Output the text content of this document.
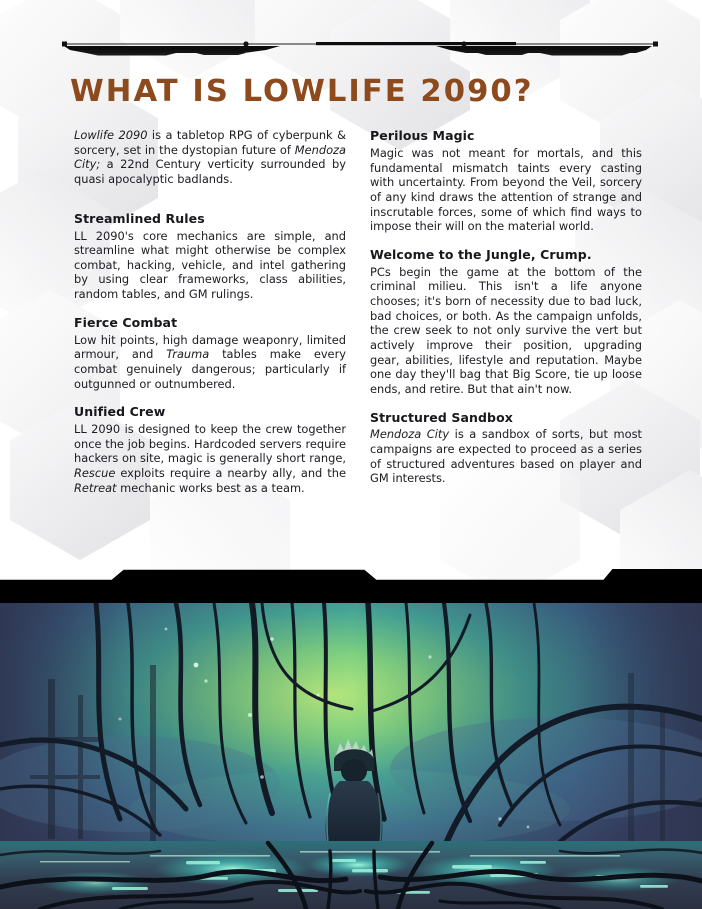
WHAT IS LOWLIFE 2090?

Lowlife 2090 is a tabletop RPG of cyberpunk & sorcery, set in the dystopian future of Mendoza City; a 22nd Century verticity surrounded by quasi apocalyptic badlands.

Streamlined Rules

LL 2090's core mechanics are simple, and streamline what might otherwise be complex combat, hacking, vehicle, and intel gathering by using clear frameworks, class abilities, random tables, and GM rulings.

Fierce Combat

Low hit points, high damage weaponry, limited armour, and Trauma tables make every combat genuinely dangerous; particularly if outgunned or outnumbered.

Unified Crew

LL 2090 is designed to keep the crew together once the job begins. Hardcoded servers require hackers on site, magic is generally short range, Rescue exploits require a nearby ally, and the Retreat mechanic works best as a team.

Perilous Magic

Magic was not meant for mortals, and this fundamental mismatch taints every casting with uncertainty. From beyond the Veil, sorcery of any kind draws the attention of strange and inscrutable forces, some of which find ways to impose their will on the material world.

Welcome to the Jungle, Crump.

PCs begin the game at the bottom of the criminal milieu. This isn't a life anyone chooses; it's born of necessity due to bad luck, bad choices, or both. As the campaign unfolds, the crew seek to not only survive the vert but actively improve their position, upgrading gear, abilities, lifestyle and reputation. Maybe one day they'll bag that Big Score, tie up loose ends, and retire. But that ain't now.

Structured Sandbox

Mendoza City is a sandbox of sorts, but most campaigns are expected to proceed as a series of structured adventures based on player and GM interests.
